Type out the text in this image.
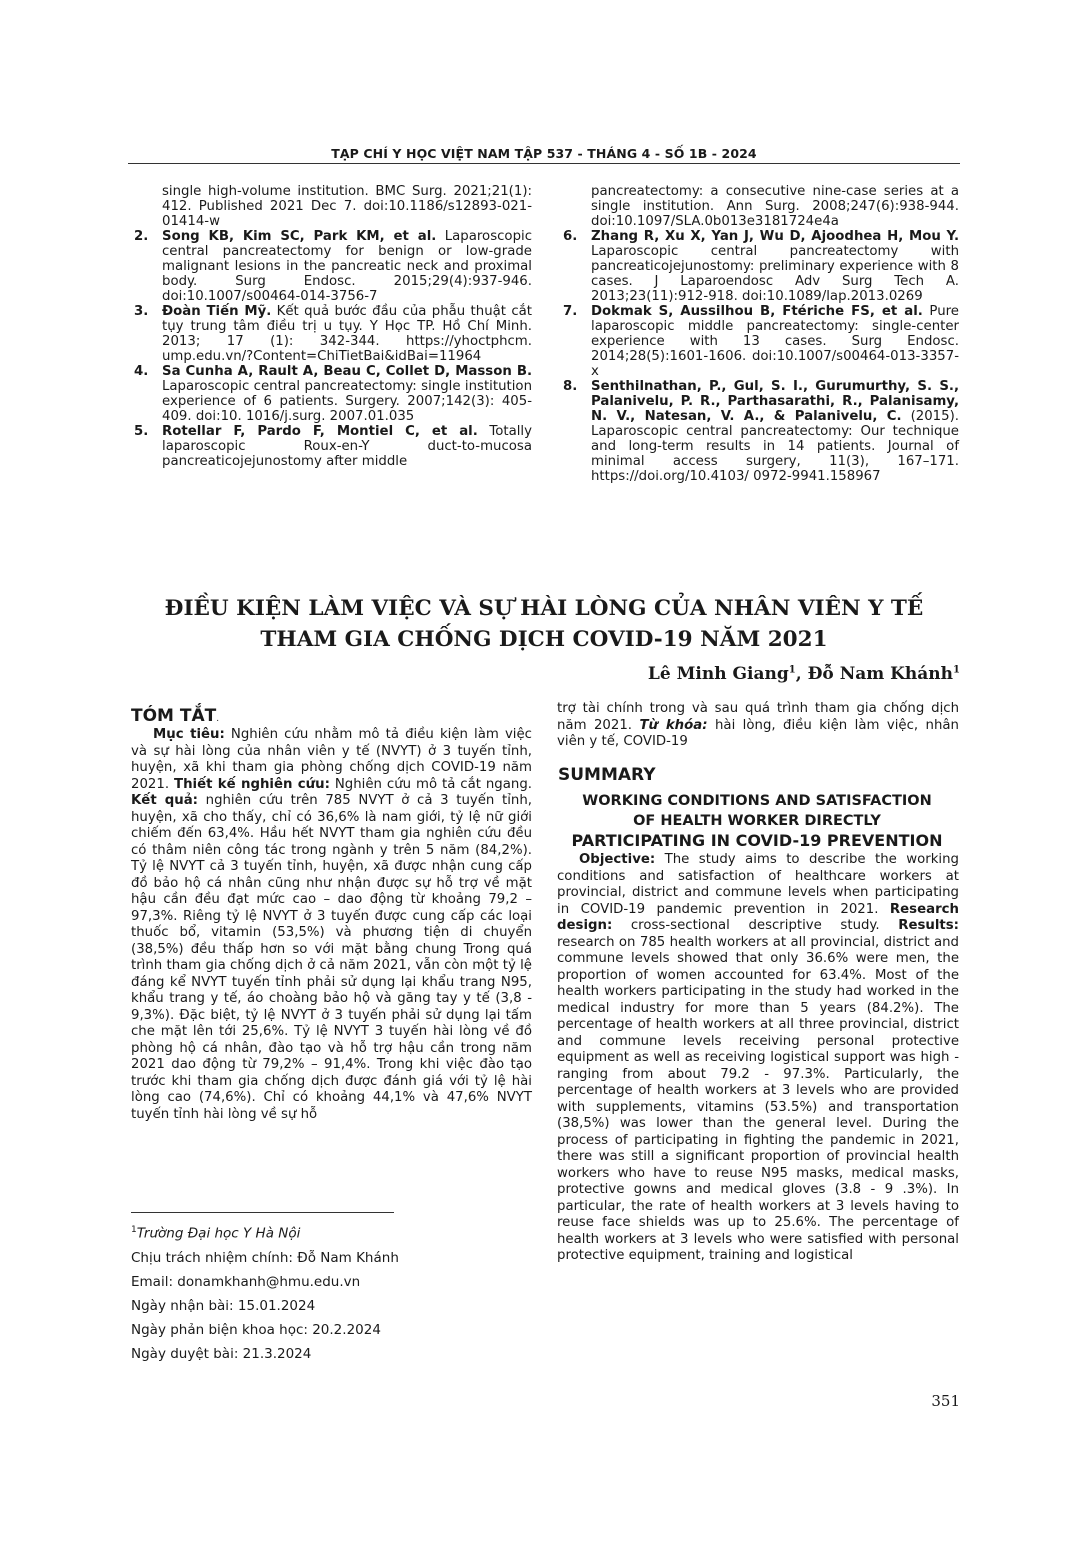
TẠP CHÍ Y HỌC VIỆT NAM TẬP 537 - THÁNG 4 - SỐ 1B - 2024
single high-volume institution. BMC Surg. 2021;21(1): 412. Published 2021 Dec 7. doi:10.1186/s12893-021-01414-w
2. Song KB, Kim SC, Park KM, et al. Laparoscopic central pancreatectomy for benign or low-grade malignant lesions in the pancreatic neck and proximal body. Surg Endosc. 2015;29(4):937-946. doi:10.1007/s00464-014-3756-7
3. Đoàn Tiến Mỹ. Kết quả bước đầu của phẫu thuật cắt tụy trung tâm điều trị u tụy. Y Học TP. Hồ Chí Minh. 2013; 17 (1): 342-344. https://yhoctphcm. ump.edu.vn/?Content=ChiTietBai&idBai=11964
4. Sa Cunha A, Rault A, Beau C, Collet D, Masson B. Laparoscopic central pancreatectomy: single institution experience of 6 patients. Surgery. 2007;142(3): 405-409. doi:10. 1016/j.surg. 2007.01.035
5. Rotellar F, Pardo F, Montiel C, et al. Totally laparoscopic Roux-en-Y duct-to-mucosa pancreaticojejunostomy after middle
pancreatectomy: a consecutive nine-case series at a single institution. Ann Surg. 2008;247(6):938-944. doi:10.1097/SLA.0b013e3181724e4a
6. Zhang R, Xu X, Yan J, Wu D, Ajoodhea H, Mou Y. Laparoscopic central pancreatectomy with pancreaticojejunostomy: preliminary experience with 8 cases. J Laparoendosc Adv Surg Tech A. 2013;23(11):912-918. doi:10.1089/lap.2013.0269
7. Dokmak S, Aussilhou B, Ftériche FS, et al. Pure laparoscopic middle pancreatectomy: single-center experience with 13 cases. Surg Endosc. 2014;28(5):1601-1606. doi:10.1007/s00464-013-3357-x
8. Senthilnathan, P., Gul, S. I., Gurumurthy, S. S., Palanivelu, P. R., Parthasarathi, R., Palanisamy, N. V., Natesan, V. A., & Palanivelu, C. (2015). Laparoscopic central pancreatectomy: Our technique and long-term results in 14 patients. Journal of minimal access surgery, 11(3), 167–171. https://doi.org/10.4103/ 0972-9941.158967
ĐIỀU KIỆN LÀM VIỆC VÀ SỰ HÀI LÒNG CỦA NHÂN VIÊN Y TẾ
THAM GIA CHỐNG DỊCH COVID-19 NĂM 2021
Lê Minh Giang$^1$, Đỗ Nam Khánh$^1$
TÓM TẮT.

Mục tiêu: Nghiên cứu nhằm mô tả điều kiện làm việc và sự hài lòng của nhân viên y tế (NVYT) ở 3 tuyến tỉnh, huyện, xã khi tham gia phòng chống dịch COVID-19 năm 2021. Thiết kế nghiên cứu: Nghiên cứu mô tả cắt ngang. Kết quả: nghiên cứu trên 785 NVYT ở cả 3 tuyến tỉnh, huyện, xã cho thấy, chỉ có 36,6% là nam giới, tỷ lệ nữ giới chiếm đến 63,4%. Hầu hết NVYT tham gia nghiên cứu đều có thâm niên công tác trong ngành y trên 5 năm (84,2%). Tỷ lệ NVYT cả 3 tuyến tỉnh, huyện, xã được nhận cung cấp đồ bảo hộ cá nhân cũng như nhận được sự hỗ trợ về mặt hậu cần đều đạt mức cao – dao động từ khoảng 79,2 – 97,3%. Riêng tỷ lệ NVYT ở 3 tuyến được cung cấp các loại thuốc bổ, vitamin (53,5%) và phương tiện di chuyển (38,5%) đều thấp hơn so với mặt bằng chung Trong quá trình tham gia chống dịch ở cả năm 2021, vẫn còn một tỷ lệ đáng kể NVYT tuyến tỉnh phải sử dụng lại khẩu trang N95, khẩu trang y tế, áo choàng bảo hộ và găng tay y tế (3,8 - 9,3%). Đặc biệt, tỷ lệ NVYT ở 3 tuyến phải sử dụng lại tấm che mặt lên tới 25,6%. Tỷ lệ NVYT 3 tuyến hài lòng về đồ phòng hộ cá nhân, đào tạo và hỗ trợ hậu cần trong năm 2021 dao động từ 79,2% – 91,4%. Trong khi việc đào tạo trước khi tham gia chống dịch được đánh giá với tỷ lệ hài lòng cao (74,6%). Chỉ có khoảng 44,1% và 47,6% NVYT tuyến tỉnh hài lòng về sự hỗ

trợ tài chính trong và sau quá trình tham gia chống dịch năm 2021. Từ khóa: hài lòng, điều kiện làm việc, nhân viên y tế, COVID-19
SUMMARY
WORKING CONDITIONS AND SATISFACTION
OF HEALTH WORKER DIRECTLY
PARTICIPATING IN COVID-19 PREVENTION

Objective: The study aims to describe the working conditions and satisfaction of healthcare workers at provincial, district and commune levels when participating in COVID-19 pandemic prevention in 2021. Research design: cross-sectional descriptive study. Results: research on 785 health workers at all provincial, district and commune levels showed that only 36.6% were men, the proportion of women accounted for 63.4%. Most of the health workers participating in the study had worked in the medical industry for more than 5 years (84.2%). The percentage of health workers at all three provincial, district and commune levels receiving personal protective equipment as well as receiving logistical support was high - ranging from about 79.2 - 97.3%. Particularly, the percentage of health workers at 3 levels who are provided with supplements, vitamins (53.5%) and transportation (38,5%) was lower than the general level. During the process of participating in fighting the pandemic in 2021, there was still a significant proportion of provincial health workers who have to reuse N95 masks, medical masks, protective gowns and medical gloves (3.8 - 9 .3%). In particular, the rate of health workers at 3 levels having to reuse face shields was up to 25.6%. The percentage of health workers at 3 levels who were satisfied with personal protective equipment, training and logistical

$^1$Trường Đại học Y Hà Nội
Chịu trách nhiệm chính: Đỗ Nam Khánh
Email: donamkhanh@hmu.edu.vn
Ngày nhận bài: 15.01.2024
Ngày phản biện khoa học: 20.2.2024
Ngày duyệt bài: 21.3.2024
351
